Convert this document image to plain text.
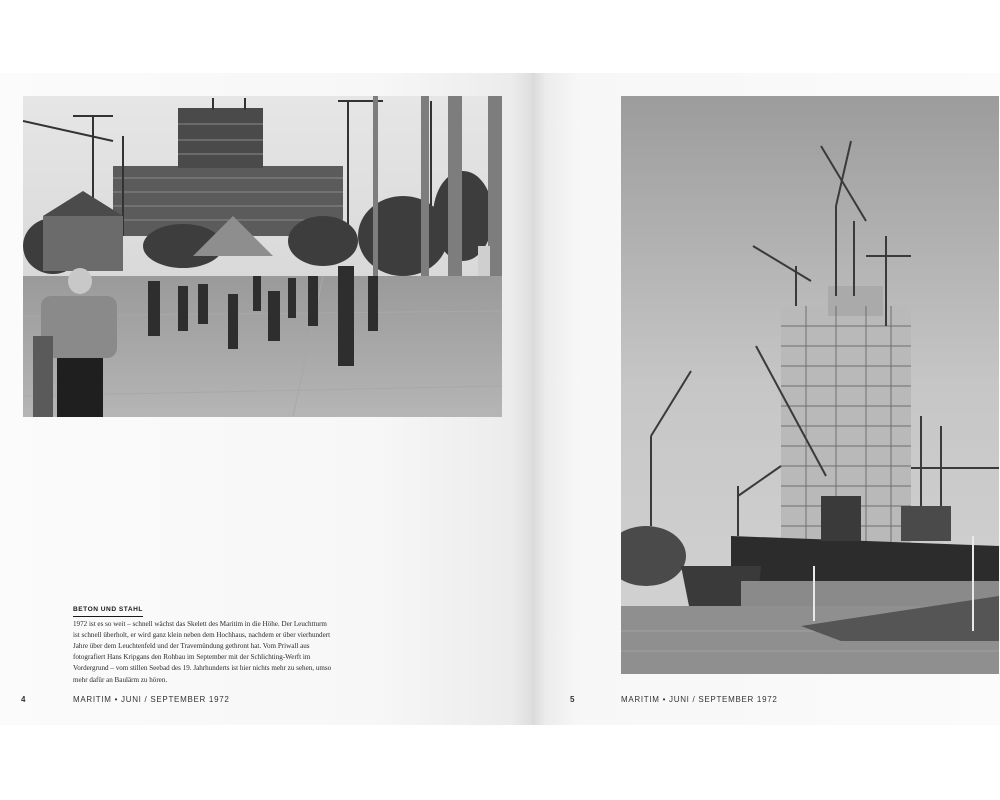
BETON UND STAHL

1972 ist es so weit – schnell wächst das Skelett des Maritim in die Höhe. Der Leuchtturm ist schnell überholt, er wird ganz klein neben dem Hochhaus, nachdem er über vierhundert Jahre über dem Leuchtenfeld und der Travemündung gethront hat. Vom Priwall aus fotografiert Hans Kripgans den Rohbau im September mit der Schlichting-Werft im Vordergrund – vom stillen Seebad des 19. Jahrhunderts ist hier nichts mehr zu sehen, umso mehr dafür an Baulärm zu hören.

4	MARITIM • JUNI / SEPTEMBER 1972	5	MARITIM • JUNI / SEPTEMBER 1972
